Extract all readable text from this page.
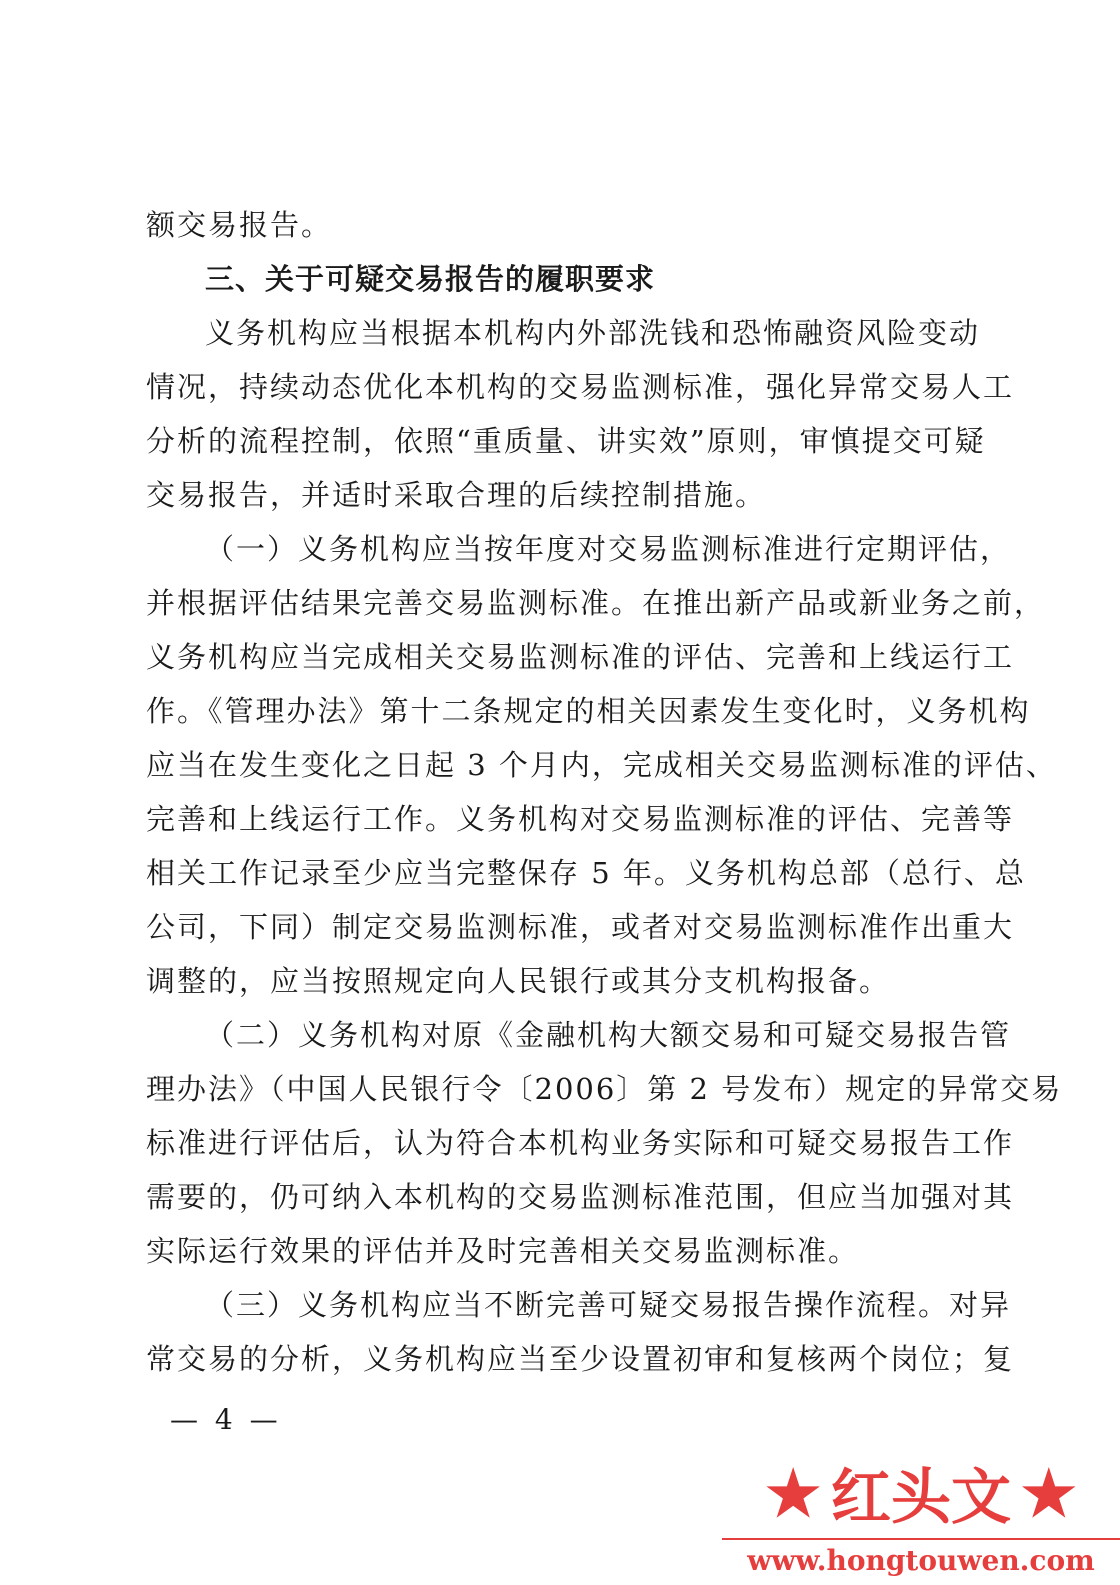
额交易报告。
三、关于可疑交易报告的履职要求
义务机构应当根据本机构内外部洗钱和恐怖融资风险变动
情况，持续动态优化本机构的交易监测标准，强化异常交易人工
分析的流程控制，依照“重质量、讲实效”原则，审慎提交可疑
交易报告，并适时采取合理的后续控制措施。
（一）义务机构应当按年度对交易监测标准进行定期评估，
并根据评估结果完善交易监测标准。在推出新产品或新业务之前，
义务机构应当完成相关交易监测标准的评估、完善和上线运行工
作。《管理办法》第十二条规定的相关因素发生变化时，义务机构
应当在发生变化之日起 3 个月内，完成相关交易监测标准的评估、
完善和上线运行工作。义务机构对交易监测标准的评估、完善等
相关工作记录至少应当完整保存 5 年。义务机构总部（总行、总
公司，下同）制定交易监测标准，或者对交易监测标准作出重大
调整的，应当按照规定向人民银行或其分支机构报备。
（二）义务机构对原《金融机构大额交易和可疑交易报告管
理办法》（中国人民银行令〔2006〕第 2 号发布）规定的异常交易
标准进行评估后，认为符合本机构业务实际和可疑交易报告工作
需要的，仍可纳入本机构的交易监测标准范围，但应当加强对其
实际运行效果的评估并及时完善相关交易监测标准。
（三）义务机构应当不断完善可疑交易报告操作流程。对异
常交易的分析，义务机构应当至少设置初审和复核两个岗位；复
— 4 —
★ 红头文 ★
www.hongtouwen.com
